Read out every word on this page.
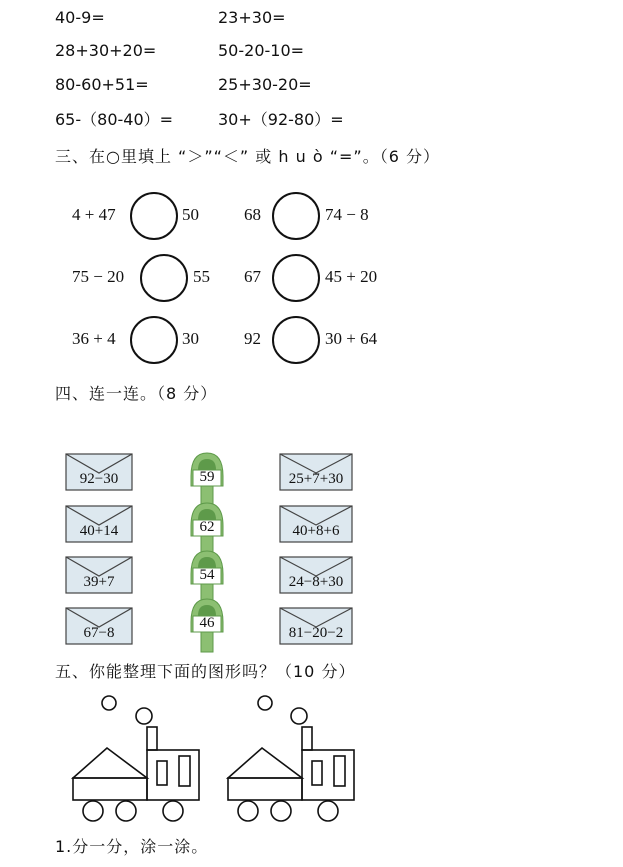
40-9=	23+30=
28+30+20=	50-20-10=
80-60+51=	25+30-20=
65-（80-40）=	30+（92-80）=
三、在○里填上 “＞”“＜” 或 h u ò “=”。（6 分）
4 + 47	50	68	74 − 8
75 − 20	55 67	45 + 20
36 + 4	30	92	30 + 64
四、连一连。（8 分）
92−30
40+14
39+7
67−8
59
62
54
46
25+7+30
40+8+6
24−8+30
81−20−2
五、你能整理下面的图形吗？（10 分）
1.分一分，涂一涂。
